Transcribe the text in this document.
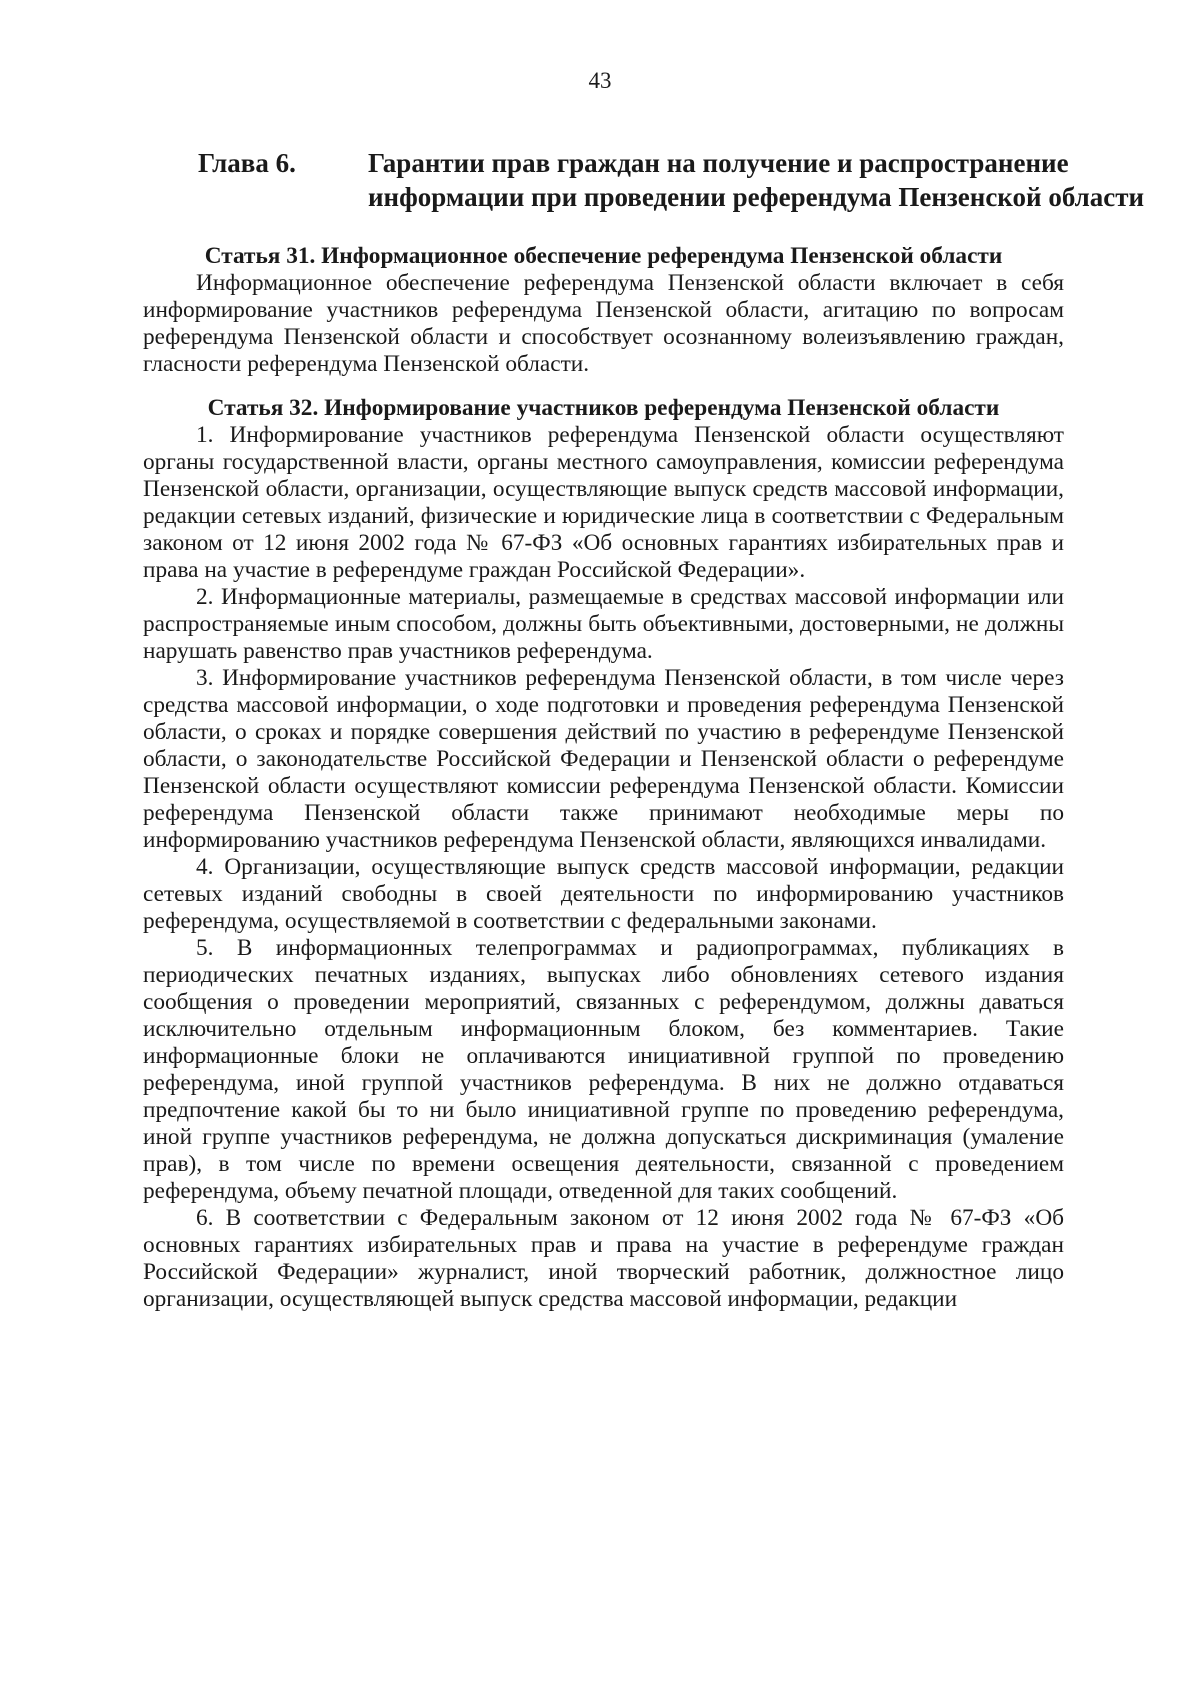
43
Глава 6.	Гарантии прав граждан на получение и распространение информации при проведении референдума Пензенской области
Статья 31. Информационное обеспечение референдума Пензенской области

Информационное обеспечение референдума Пензенской области включает в себя информирование участников референдума Пензенской области, агитацию по вопросам референдума Пензенской области и способствует осознанному волеизъявлению граждан, гласности референдума Пензенской области.

Статья 32. Информирование участников референдума Пензенской области

1. Информирование участников референдума Пензенской области осуществляют органы государственной власти, органы местного самоуправления, комиссии референдума Пензенской области, организации, осуществляющие выпуск средств массовой информации, редакции сетевых изданий, физические и юридические лица в соответствии с Федеральным законом от 12 июня 2002 года № 67-ФЗ «Об основных гарантиях избирательных прав и права на участие в референдуме граждан Российской Федерации».

2. Информационные материалы, размещаемые в средствах массовой информации или распространяемые иным способом, должны быть объективными, достоверными, не должны нарушать равенство прав участников референдума.

3. Информирование участников референдума Пензенской области, в том числе через средства массовой информации, о ходе подготовки и проведения референдума Пензенской области, о сроках и порядке совершения действий по участию в референдуме Пензенской области, о законодательстве Российской Федерации и Пензенской области о референдуме Пензенской области осуществляют комиссии референдума Пензенской области. Комиссии референдума Пензенской области также принимают необходимые меры по информированию участников референдума Пензенской области, являющихся инвалидами.

4. Организации, осуществляющие выпуск средств массовой информации, редакции сетевых изданий свободны в своей деятельности по информированию участников референдума, осуществляемой в соответствии с федеральными законами.

5. В информационных телепрограммах и радиопрограммах, публикациях в периодических печатных изданиях, выпусках либо обновлениях сетевого издания сообщения о проведении мероприятий, связанных с референдумом, должны даваться исключительно отдельным информационным блоком, без комментариев. Такие информационные блоки не оплачиваются инициативной группой по проведению референдума, иной группой участников референдума. В них не должно отдаваться предпочтение какой бы то ни было инициативной группе по проведению референдума, иной группе участников референдума, не должна допускаться дискриминация (умаление прав), в том числе по времени освещения деятельности, связанной с проведением референдума, объему печатной площади, отведенной для таких сообщений.

6. В соответствии с Федеральным законом от 12 июня 2002 года № 67-ФЗ «Об основных гарантиях избирательных прав и права на участие в референдуме граждан Российской Федерации» журналист, иной творческий работник, должностное лицо организации, осуществляющей выпуск средства массовой информации, редакции
